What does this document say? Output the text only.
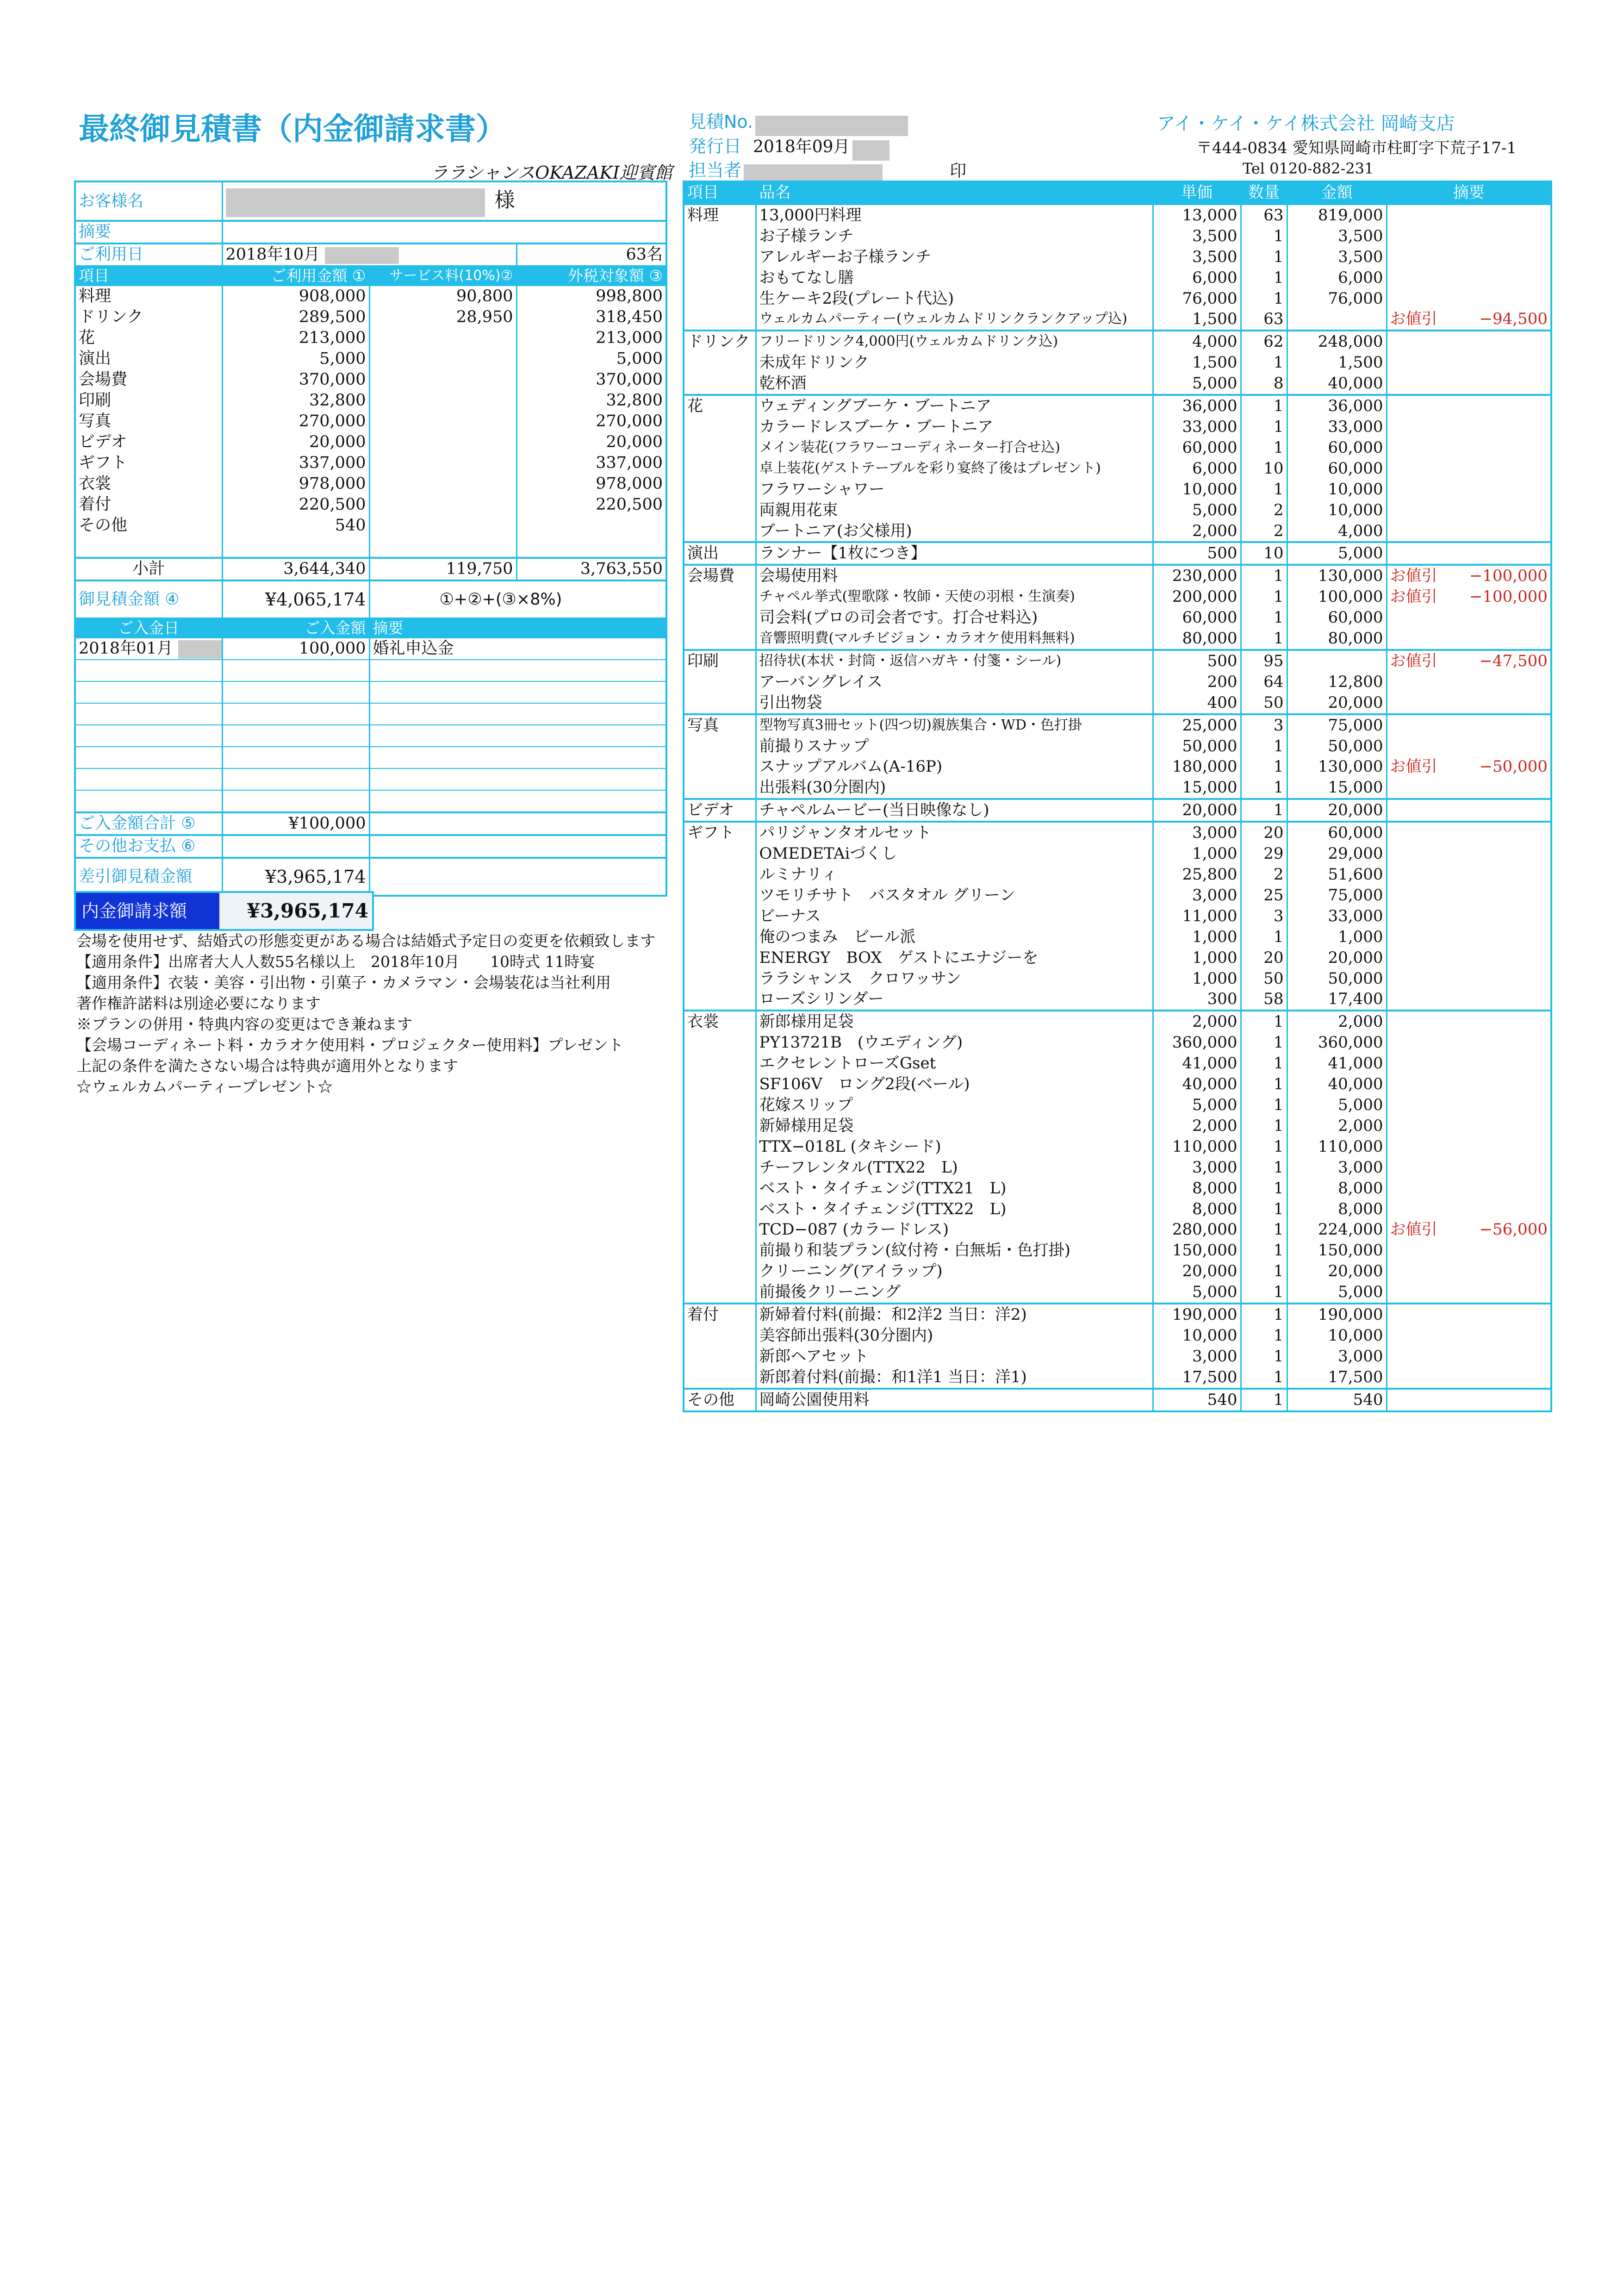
最終御見積書（内金御請求書）
ララシャンスOKAZAKI迎賓館
見積No.
発行日 2018年09月
担当者	印
アイ・ケイ・ケイ株式会社 岡崎支店
〒444-0834 愛知県岡崎市柱町字下荒子17-1
Tel 0120-882-231
お客様名	様		
摘要			
ご利用日	2018年10月		63名
項目	ご利用金額 ①	サービス料(10%)②	外税対象額 ③
料理	908,000	90,800	998,800
ドリンク	289,500	28,950	318,450
花	213,000		213,000
演出	5,000		5,000
会場費	370,000		370,000
印刷	32,800		32,800
写真	270,000		270,000
ビデオ	20,000		20,000
ギフト	337,000		337,000
衣裳	978,000		978,000
着付	220,500		220,500
その他	540		

小計	3,644,340	119,750	3,763,550
御見積金額 ④	¥4,065,174	①+②+(③×8%)	
ご入金日	ご入金額	摘要	
2018年01月	100,000	婚礼申込金	

ご入金額合計 ⑤	¥100,000		
その他お支払 ⑥			
差引御見積金額	¥3,965,174		
内金御請求額	¥3,965,174
会場を使用せず、結婚式の形態変更がある場合は結婚式予定日の変更を依頼致します
【適用条件】出席者大人人数55名様以上　2018年10月　　10時式 11時宴
【適用条件】衣装・美容・引出物・引菓子・カメラマン・会場装花は当社利用
著作権許諾料は別途必要になります
※プランの併用・特典内容の変更はでき兼ねます
【会場コーディネート料・カラオケ使用料・プロジェクター使用料】プレゼント
上記の条件を満たさない場合は特典が適用外となります
☆ウェルカムパーティープレゼント☆
項目	品名	単価	数量	金額	摘要
料理	13,000円料理	13,000	63	819,000	
	お子様ランチ	3,500	1	3,500	
	アレルギーお子様ランチ	3,500	1	3,500	
	おもてなし膳	6,000	1	6,000	
	生ケーキ2段(プレート代込)	76,000	1	76,000	
	ウェルカムパーティー(ウェルカムドリンクランクアップ込)	1,500	63		お値引 −94,500

ドリンク	フリードリンク4,000円(ウェルカムドリンク込)	4,000	62	248,000	
	未成年ドリンク	1,500	1	1,500	
	乾杯酒	5,000	8	40,000	
花	ウェディングブーケ・ブートニア	36,000	1	36,000	
	カラードレスブーケ・ブートニア	33,000	1	33,000	
	メイン装花(フラワーコーディネーター打合せ込)	60,000	1	60,000	
	卓上装花(ゲストテーブルを彩り宴終了後はプレゼント)	6,000	10	60,000	
	フラワーシャワー	10,000	1	10,000	
	両親用花束	5,000	2	10,000	
	ブートニア(お父様用)	2,000	2	4,000	
演出	ランナー【1枚につき】	500	10	5,000	
会場費	会場使用料	230,000	1	130,000	お値引 −100,000

	チャペル挙式(聖歌隊・牧師・天使の羽根・生演奏)	200,000	1	100,000	お値引 −100,000

	司会料(プロの司会者です。打合せ料込)	60,000	1	60,000	
	音響照明費(マルチビジョン・カラオケ使用料無料)	80,000	1	80,000	
印刷	招待状(本状・封筒・返信ハガキ・付箋・シール)	500	95		お値引 −47,500

	アーバングレイス	200	64	12,800	
	引出物袋	400	50	20,000	
写真	型物写真3冊セット(四つ切)親族集合・WD・色打掛	25,000	3	75,000	
	前撮りスナップ	50,000	1	50,000	
	スナップアルバム(A-16P)	180,000	1	130,000	お値引 −50,000

	出張料(30分圏内)	15,000	1	15,000	
ビデオ	チャペルムービー(当日映像なし)	20,000	1	20,000	
ギフト	パリジャンタオルセット	3,000	20	60,000	
	OMEDETAiづくし	1,000	29	29,000	
	ルミナリィ	25,800	2	51,600	
	ツモリチサト　バスタオル グリーン	3,000	25	75,000	
	ビーナス	11,000	3	33,000	
	俺のつまみ　ビール派	1,000	1	1,000	
	ENERGY　BOX　ゲストにエナジーを	1,000	20	20,000	
	ララシャンス　クロワッサン	1,000	50	50,000	
	ローズシリンダー	300	58	17,400	
衣裳	新郎様用足袋	2,000	1	2,000	
	PY13721B　(ウエディング)	360,000	1	360,000	
	エクセレントローズGset	41,000	1	41,000	
	SF106V　ロング2段(ベール)	40,000	1	40,000	
	花嫁スリップ	5,000	1	5,000	
	新婦様用足袋	2,000	1	2,000	
	TTX−018L (タキシード)	110,000	1	110,000	
	チーフレンタル(TTX22　L)	3,000	1	3,000	
	ベスト・タイチェンジ(TTX21　L)	8,000	1	8,000	
	ベスト・タイチェンジ(TTX22　L)	8,000	1	8,000	
	TCD−087 (カラードレス)	280,000	1	224,000	お値引 −56,000

	前撮り和装プラン(紋付袴・白無垢・色打掛)	150,000	1	150,000	
	クリーニング(アイラップ)	20,000	1	20,000	
	前撮後クリーニング	5,000	1	5,000	
着付	新婦着付料(前撮：和2洋2 当日：洋2)	190,000	1	190,000	
	美容師出張料(30分圏内)	10,000	1	10,000	
	新郎ヘアセット	3,000	1	3,000	
	新郎着付料(前撮：和1洋1 当日：洋1)	17,500	1	17,500	
その他	岡崎公園使用料	540	1	540	
